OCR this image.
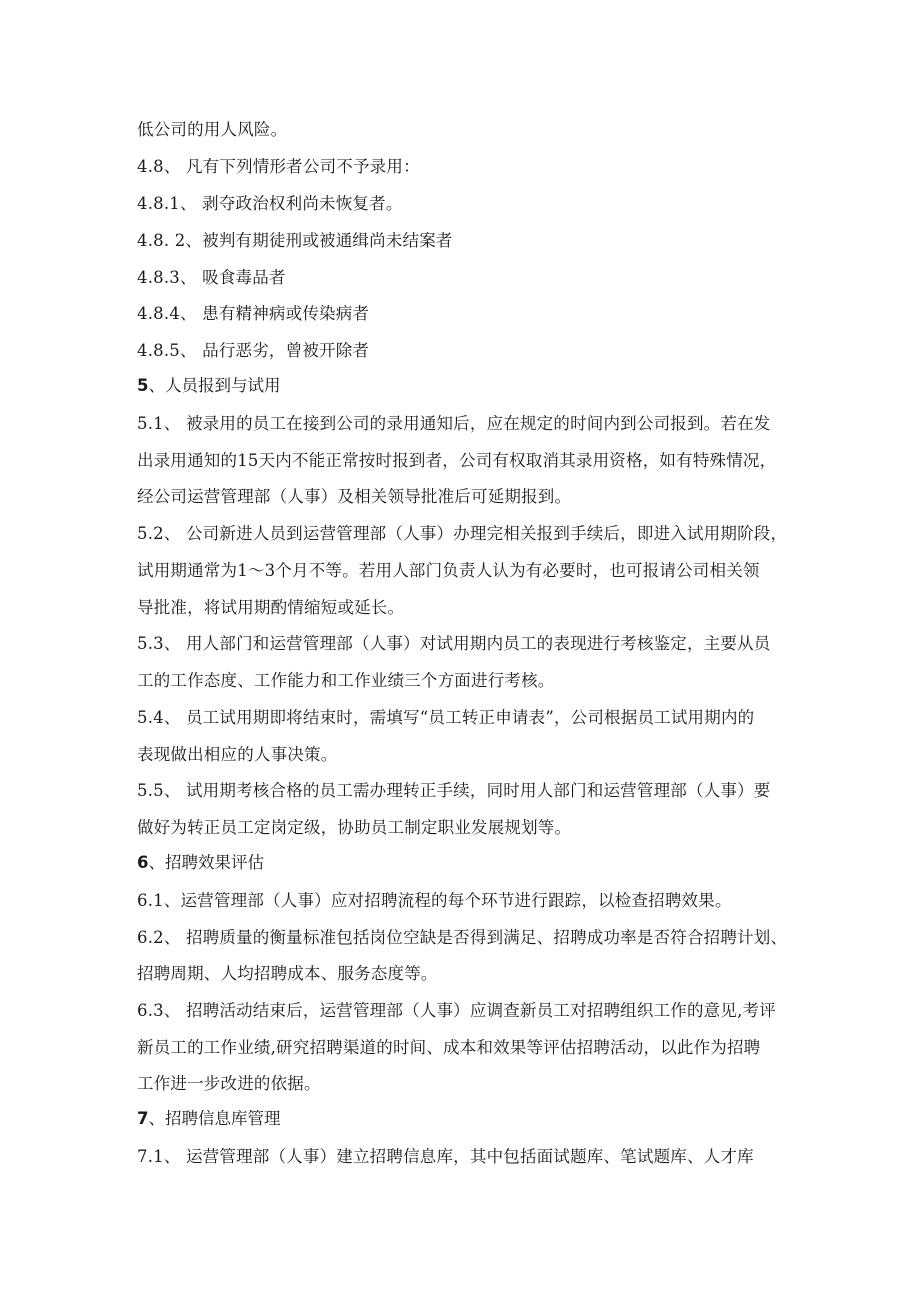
低公司的用人风险。
4.8、 凡有下列情形者公司不予录用：
4.8.1、 剥夺政治权利尚未恢复者。
4.8. 2、被判有期徒刑或被通缉尚未结案者
4.8.3、 吸食毒品者
4.8.4、 患有精神病或传染病者
4.8.5、 品行恶劣，曾被开除者
5、人员报到与试用
5.1、 被录用的员工在接到公司的录用通知后，应在规定的时间内到公司报到。若在发
出录用通知的15天内不能正常按时报到者，公司有权取消其录用资格，如有特殊情况，
经公司运营管理部（人事）及相关领导批准后可延期报到。
5.2、 公司新进人员到运营管理部（人事）办理完相关报到手续后，即进入试用期阶段，
试用期通常为1～3个月不等。若用人部门负责人认为有必要时，也可报请公司相关领
导批准，将试用期酌情缩短或延长。
5.3、 用人部门和运营管理部（人事）对试用期内员工的表现进行考核鉴定，主要从员
工的工作态度、工作能力和工作业绩三个方面进行考核。
5.4、 员工试用期即将结束时，需填写“员工转正申请表”，公司根据员工试用期内的
表现做出相应的人事决策。
5.5、 试用期考核合格的员工需办理转正手续，同时用人部门和运营管理部（人事）要
做好为转正员工定岗定级，协助员工制定职业发展规划等。
6、招聘效果评估
6.1、运营管理部（人事）应对招聘流程的每个环节进行跟踪，以检查招聘效果。
6.2、 招聘质量的衡量标准包括岗位空缺是否得到满足、招聘成功率是否符合招聘计划、
招聘周期、人均招聘成本、服务态度等。
6.3、 招聘活动结束后，运营管理部（人事）应调查新员工对招聘组织工作的意见,考评
新员工的工作业绩,研究招聘渠道的时间、成本和效果等评估招聘活动，以此作为招聘
工作进一步改进的依据。
7、招聘信息库管理
7.1、 运营管理部（人事）建立招聘信息库，其中包括面试题库、笔试题库、人才库
